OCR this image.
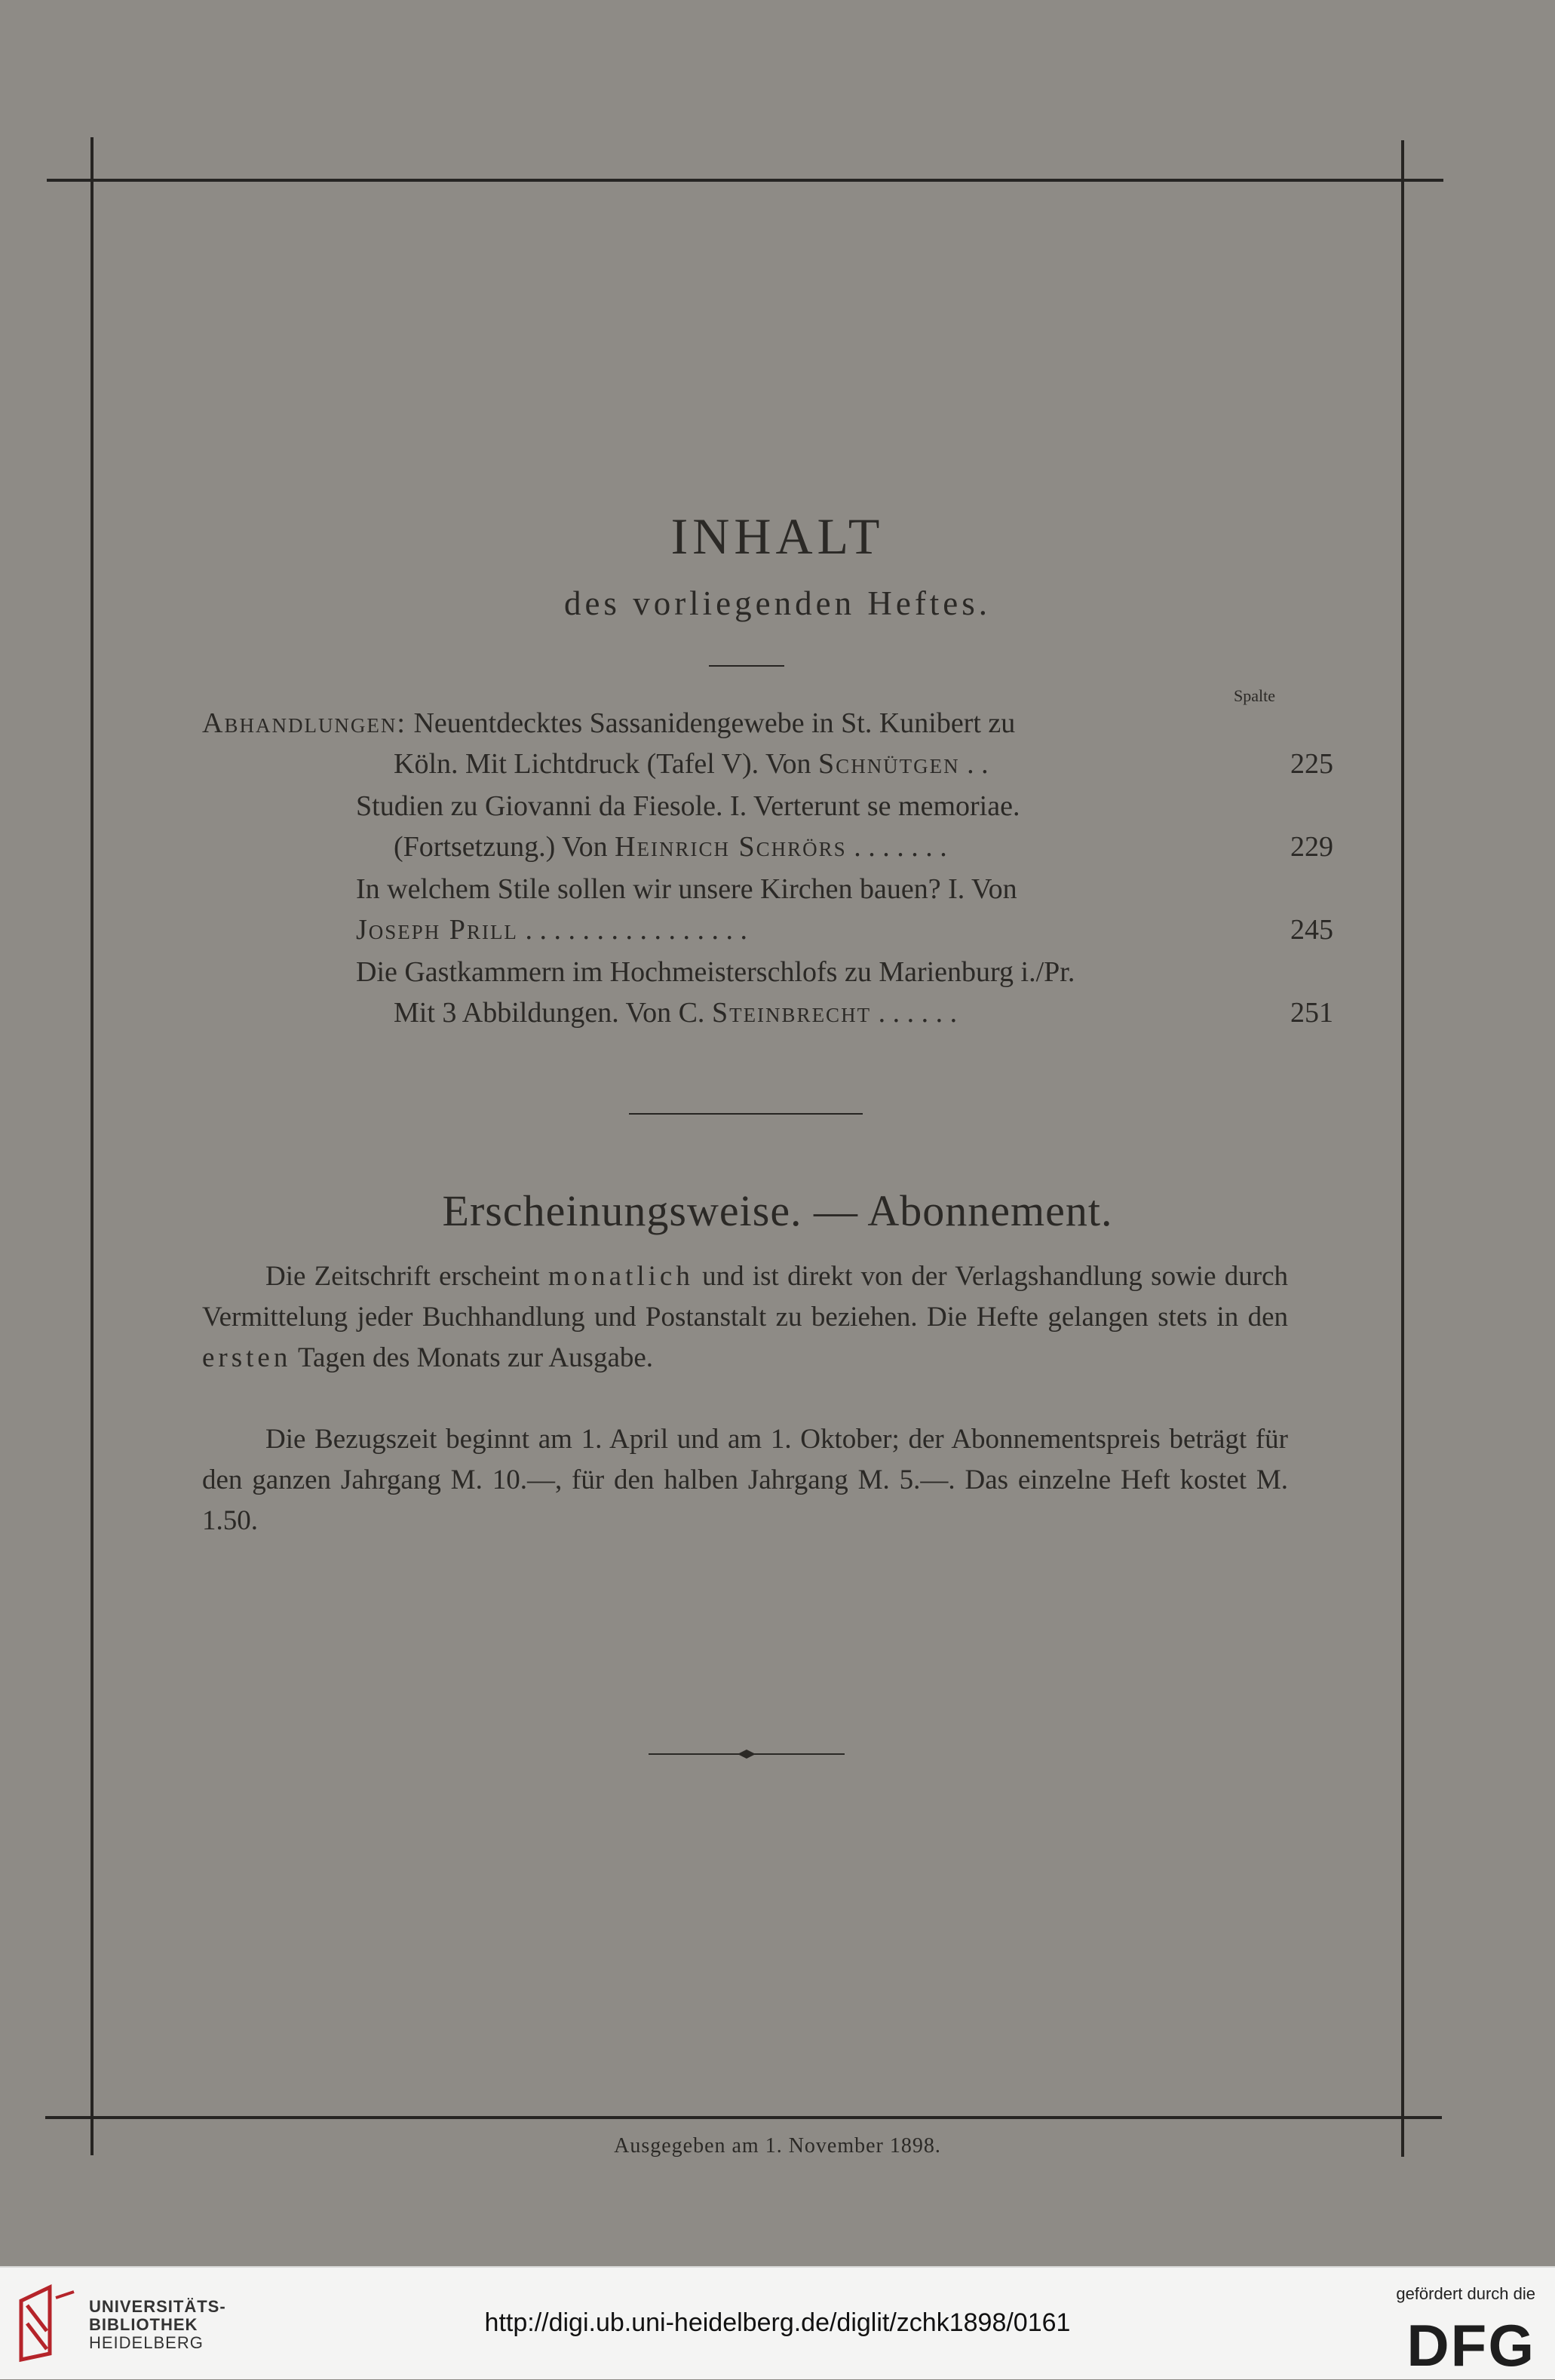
INHALT
des vorliegenden Heftes.
Spalte
Abhandlungen: Neuentdecktes Sassanidengewebe in St. Kunibert zu
Köln. Mit Lichtdruck (Tafel V). Von Schnütgen . .	225
Studien zu Giovanni da Fiesole. I. Verterunt se memoriae.
(Fortsetzung.) Von Heinrich Schrörs . . . . . . .	229
In welchem Stile sollen wir unsere Kirchen bauen? I. Von
Joseph Prill . . . . . . . . . . . . . . . .	245
Die Gastkammern im Hochmeisterschlofs zu Marienburg i./Pr.
Mit 3 Abbildungen. Von C. Steinbrecht . . . . . .	251
Erscheinungsweise. — Abonnement.
Die Zeitschrift erscheint monatlich und ist direkt von der Verlagshandlung sowie durch Vermittelung jeder Buchhandlung und Postanstalt zu beziehen. Die Hefte gelangen stets in den ersten Tagen des Monats zur Ausgabe.
Die Bezugszeit beginnt am 1. April und am 1. Oktober; der Abonnementspreis beträgt für den ganzen Jahrgang M. 10.—, für den halben Jahrgang M. 5.—. Das einzelne Heft kostet M. 1.50.
Ausgegeben am 1. November 1898.
UNIVERSITÄTS-
BIBLIOTHEK
HEIDELBERG
http://digi.ub.uni-heidelberg.de/diglit/zchk1898/0161
gefördert durch die
DFG
